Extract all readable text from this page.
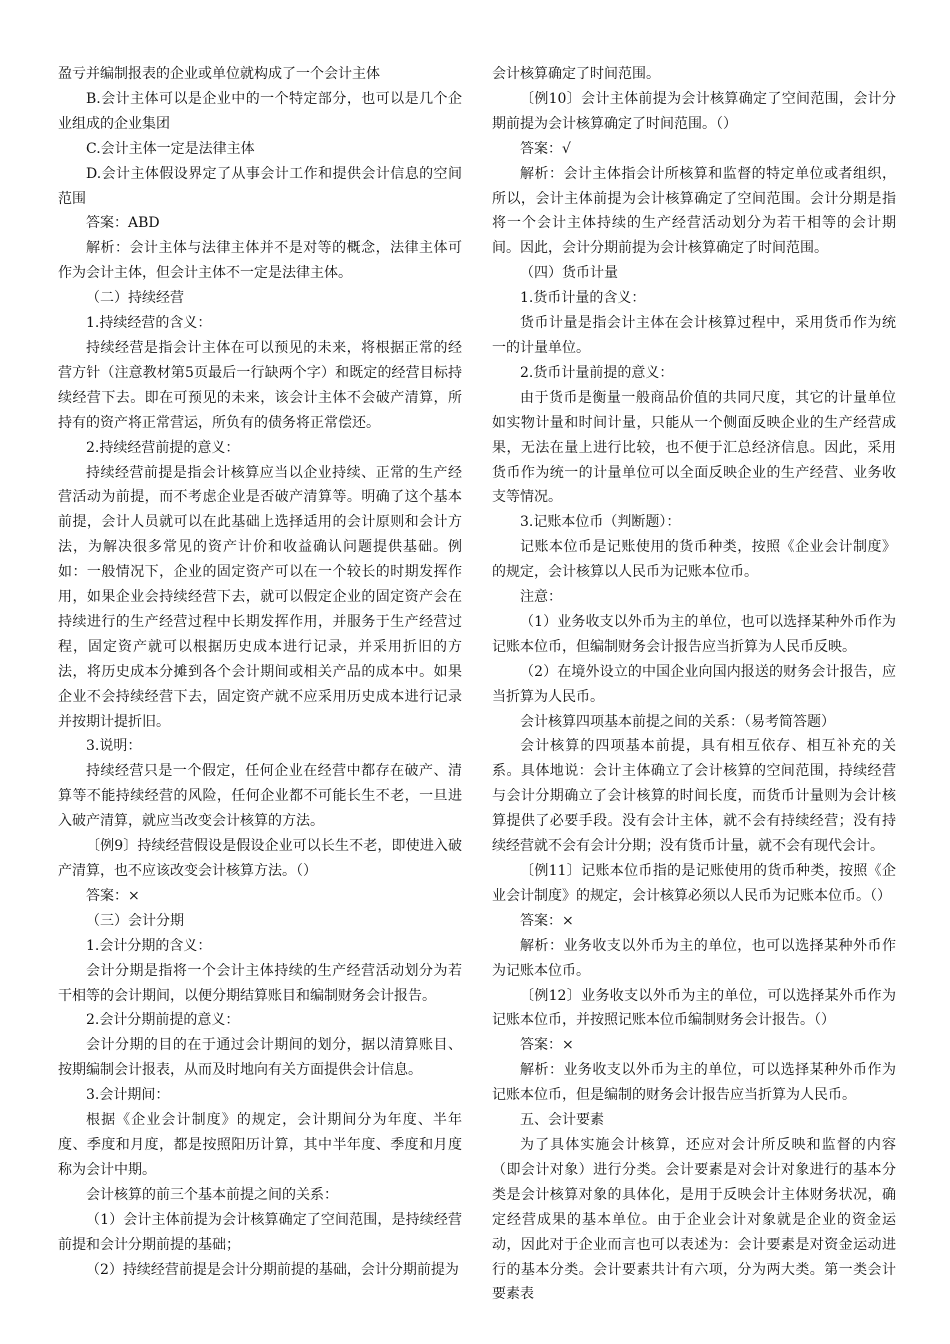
盈亏并编制报表的企业或单位就构成了一个会计主体

B.会计主体可以是企业中的一个特定部分，也可以是几个企业组成的企业集团

C.会计主体一定是法律主体

D.会计主体假设界定了从事会计工作和提供会计信息的空间范围

答案：ABD

解析：会计主体与法律主体并不是对等的概念，法律主体可作为会计主体，但会计主体不一定是法律主体。

（二）持续经营

1.持续经营的含义：

持续经营是指会计主体在可以预见的未来，将根据正常的经营方针（注意教材第5页最后一行缺两个字）和既定的经营目标持续经营下去。即在可预见的未来，该会计主体不会破产清算，所持有的资产将正常营运，所负有的债务将正常偿还。

2.持续经营前提的意义：

持续经营前提是指会计核算应当以企业持续、正常的生产经营活动为前提，而不考虑企业是否破产清算等。明确了这个基本前提，会计人员就可以在此基础上选择适用的会计原则和会计方法，为解决很多常见的资产计价和收益确认问题提供基础。例如：一般情况下，企业的固定资产可以在一个较长的时期发挥作用，如果企业会持续经营下去，就可以假定企业的固定资产会在持续进行的生产经营过程中长期发挥作用，并服务于生产经营过程，固定资产就可以根据历史成本进行记录，并采用折旧的方法，将历史成本分摊到各个会计期间或相关产品的成本中。如果企业不会持续经营下去，固定资产就不应采用历史成本进行记录并按期计提折旧。

3.说明：

持续经营只是一个假定，任何企业在经营中都存在破产、清算等不能持续经营的风险，任何企业都不可能长生不老，一旦进入破产清算，就应当改变会计核算的方法。

〔例9〕持续经营假设是假设企业可以长生不老，即使进入破产清算，也不应该改变会计核算方法。（）

答案：×

（三）会计分期

1.会计分期的含义：

会计分期是指将一个会计主体持续的生产经营活动划分为若干相等的会计期间，以便分期结算账目和编制财务会计报告。

2.会计分期前提的意义：

会计分期的目的在于通过会计期间的划分，据以清算账目、按期编制会计报表，从而及时地向有关方面提供会计信息。

3.会计期间：

根据《企业会计制度》的规定，会计期间分为年度、半年度、季度和月度，都是按照阳历计算，其中半年度、季度和月度称为会计中期。

会计核算的前三个基本前提之间的关系：

（1）会计主体前提为会计核算确定了空间范围，是持续经营前提和会计分期前提的基础；

（2）持续经营前提是会计分期前提的基础，会计分期前提为

会计核算确定了时间范围。

〔例10〕会计主体前提为会计核算确定了空间范围，会计分期前提为会计核算确定了时间范围。（）

答案：√

解析：会计主体指会计所核算和监督的特定单位或者组织，所以，会计主体前提为会计核算确定了空间范围。会计分期是指将一个会计主体持续的生产经营活动划分为若干相等的会计期间。因此，会计分期前提为会计核算确定了时间范围。

（四）货币计量

1.货币计量的含义：

货币计量是指会计主体在会计核算过程中，采用货币作为统一的计量单位。

2.货币计量前提的意义：

由于货币是衡量一般商品价值的共同尺度，其它的计量单位如实物计量和时间计量，只能从一个侧面反映企业的生产经营成果，无法在量上进行比较，也不便于汇总经济信息。因此，采用货币作为统一的计量单位可以全面反映企业的生产经营、业务收支等情况。

3.记账本位币（判断题）：

记账本位币是记账使用的货币种类，按照《企业会计制度》的规定，会计核算以人民币为记账本位币。

注意：

（1）业务收支以外币为主的单位，也可以选择某种外币作为记账本位币，但编制财务会计报告应当折算为人民币反映。

（2）在境外设立的中国企业向国内报送的财务会计报告，应当折算为人民币。

会计核算四项基本前提之间的关系：（易考简答题）

会计核算的四项基本前提，具有相互依存、相互补充的关系。具体地说：会计主体确立了会计核算的空间范围，持续经营与会计分期确立了会计核算的时间长度，而货币计量则为会计核算提供了必要手段。没有会计主体，就不会有持续经营；没有持续经营就不会有会计分期；没有货币计量，就不会有现代会计。

〔例11〕记账本位币指的是记账使用的货币种类，按照《企业会计制度》的规定，会计核算必须以人民币为记账本位币。（）

答案：×

解析：业务收支以外币为主的单位，也可以选择某种外币作为记账本位币。

〔例12〕业务收支以外币为主的单位，可以选择某外币作为记账本位币，并按照记账本位币编制财务会计报告。（）

答案：×

解析：业务收支以外币为主的单位，可以选择某种外币作为记账本位币，但是编制的财务会计报告应当折算为人民币。

五、会计要素

为了具体实施会计核算，还应对会计所反映和监督的内容（即会计对象）进行分类。会计要素是对会计对象进行的基本分类是会计核算对象的具体化，是用于反映会计主体财务状况，确定经营成果的基本单位。由于企业会计对象就是企业的资金运动，因此对于企业而言也可以表述为：会计要素是对资金运动进行的基本分类。会计要素共计有六项，分为两大类。第一类会计要素表
